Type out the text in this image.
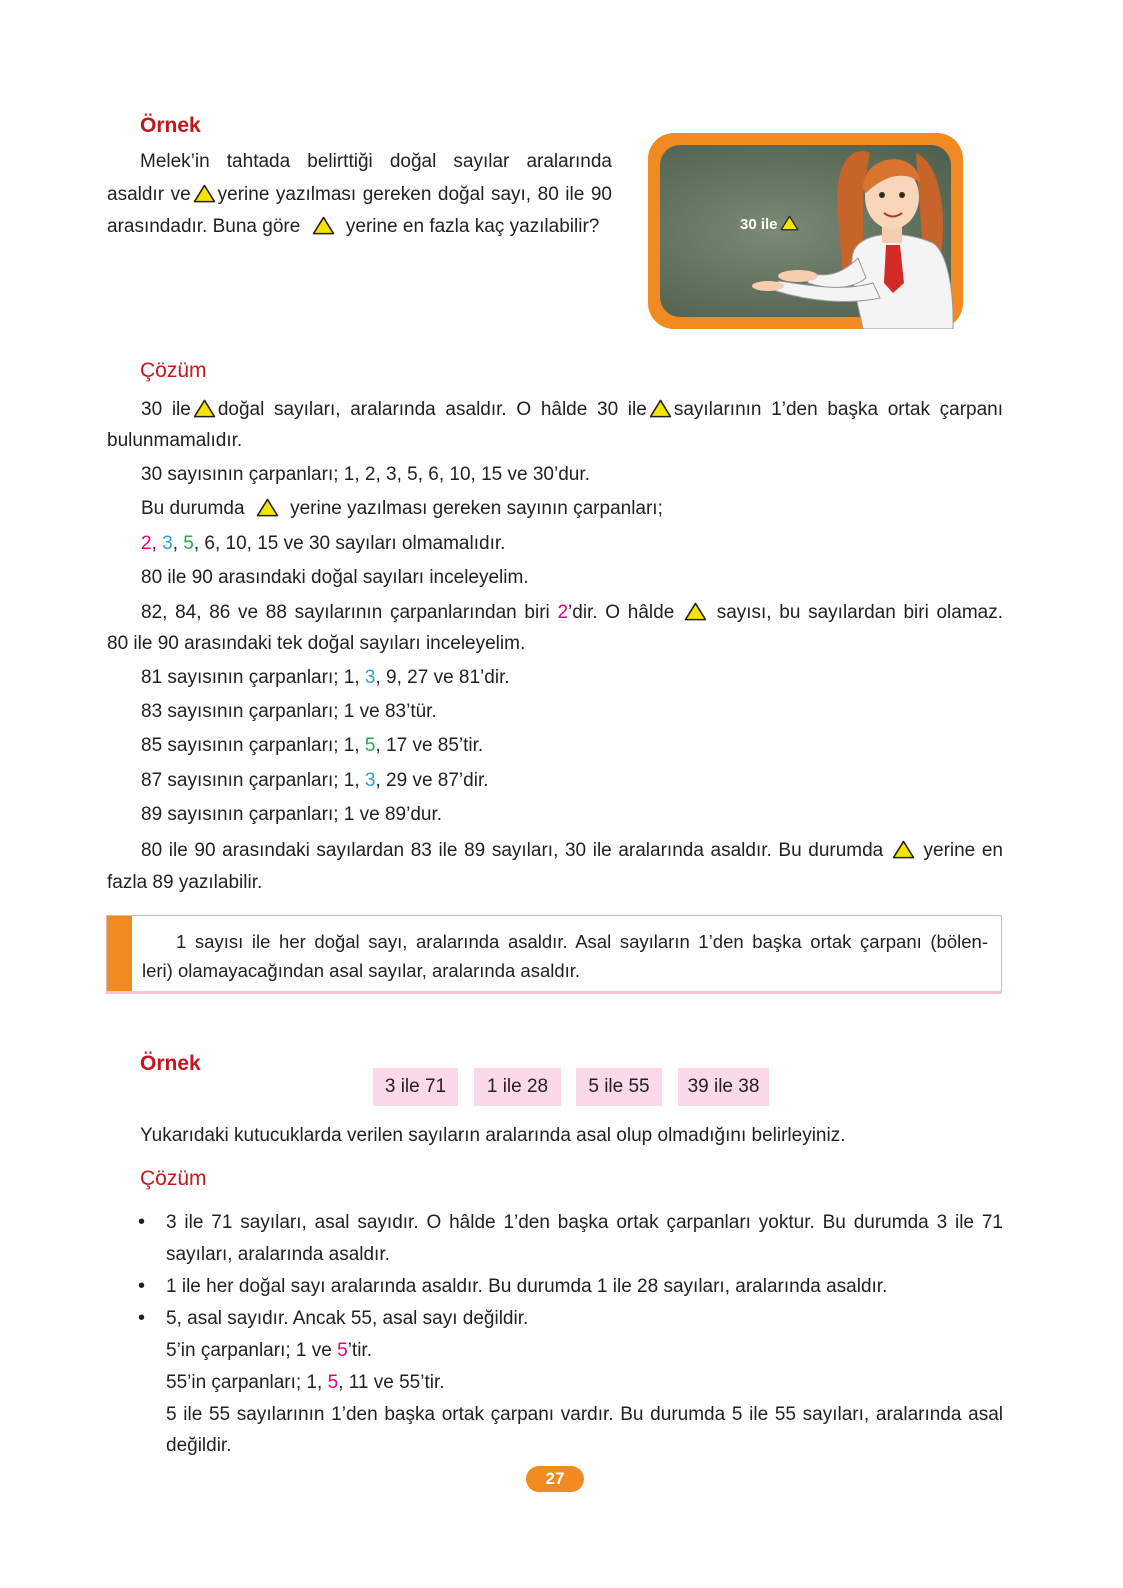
Örnek
Melek’in tahtada belirttiği doğal sayılar aralarında
asaldır ve yerine yazılması gereken doğal sayı, 80 ile 90
arasındadır. Buna göre yerine en fazla kaç yazılabilir?	30 ile
Çözüm
30 ile doğal sayıları, aralarında asaldır. O hâlde 30 ile sayılarının 1’den başka ortak çarpanı
bulunmamalıdır.
30 sayısının çarpanları; 1, 2, 3, 5, 6, 10, 15 ve 30’dur.
Bu durumda yerine yazılması gereken sayının çarpanları;
2, 3, 5, 6, 10, 15 ve 30 sayıları olmamalıdır.
80 ile 90 arasındaki doğal sayıları inceleyelim.
82, 84, 86 ve 88 sayılarının çarpanlarından biri 2’dir. O hâlde sayısı, bu sayılardan biri olamaz.
80 ile 90 arasındaki tek doğal sayıları inceleyelim.
81 sayısının çarpanları; 1, 3, 9, 27 ve 81’dir.
83 sayısının çarpanları; 1 ve 83’tür.
85 sayısının çarpanları; 1, 5, 17 ve 85’tir.
87 sayısının çarpanları; 1, 3, 29 ve 87’dir.
89 sayısının çarpanları; 1 ve 89’dur.
80 ile 90 arasındaki sayılardan 83 ile 89 sayıları, 30 ile aralarında asaldır. Bu durumda yerine en
fazla 89 yazılabilir.
1 sayısı ile her doğal sayı, aralarında asaldır. Asal sayıların 1’den başka ortak çarpanı (bölen-
leri) olamayacağından asal sayılar, aralarında asaldır.
Örnek
3 ile 71	1 ile 28	5 ile 55	39 ile 38
Yukarıdaki kutucuklarda verilen sayıların aralarında asal olup olmadığını belirleyiniz.
Çözüm
• 3 ile 71 sayıları, asal sayıdır. O hâlde 1’den başka ortak çarpanları yoktur. Bu durumda 3 ile 71
sayıları, aralarında asaldır.
• 1 ile her doğal sayı aralarında asaldır. Bu durumda 1 ile 28 sayıları, aralarında asaldır.
• 5, asal sayıdır. Ancak 55, asal sayı değildir.
5’in çarpanları; 1 ve 5’tir.
55’in çarpanları; 1, 5, 11 ve 55’tir.
5 ile 55 sayılarının 1’den başka ortak çarpanı vardır. Bu durumda 5 ile 55 sayıları, aralarında asal
değildir.
27
